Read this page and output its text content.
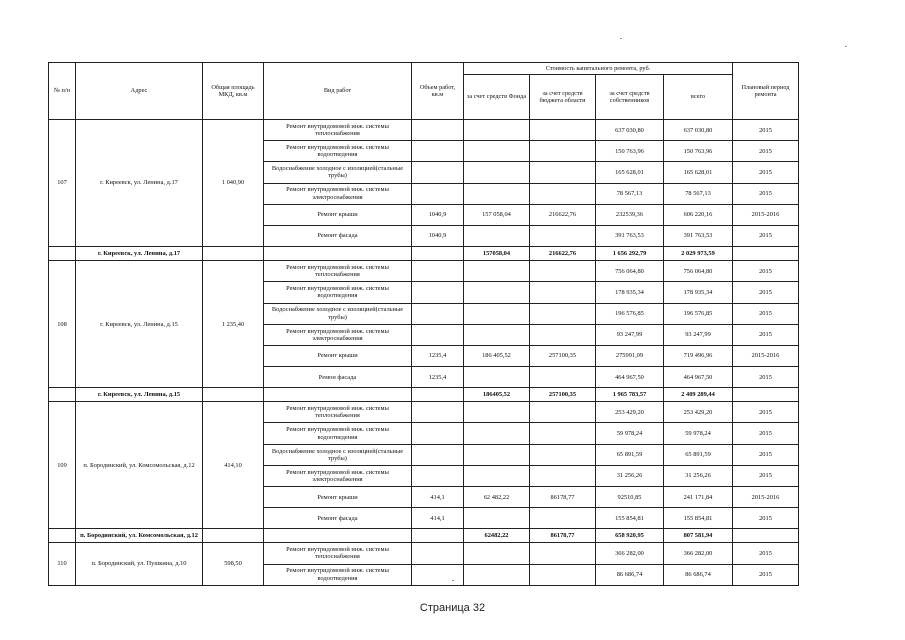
№ п/п	Адрес	Общая площадь МКД, кв.м	Вид работ	Объем работ, кв.м	Стоимость капитального ремонта, руб.				Плановый период ремонта
					за счет средств Фонда	за счет средств бюджета области	за счет средств собственников	всего	
107	г. Киреевск, ул. Ленина, д.17	1 040,90	Ремонт внутридомовой инж. системы теплоснабжения				637 030,80	637 030,80	2015
			Ремонт внутридомовой инж. системы водоотведения				150 763,96	150 763,96	2015
			Водоснабжение холодное с изоляцией(стальные трубы)				165 628,01	165 628,01	2015
			Ремонт внутридомовой инж. системы электроснабжения				78 567,13	78 567,13	2015
			Ремонт крыши	1040,9	157 058,04	216622,76	232539,36	606 220,16	2015-2016
			Ремонт фасада	1040,9			391 763,53	391 763,53	2015
	г. Киреевск, ул. Ленина, д.17				157058,04	216622,76	1 656 292,79	2 029 973,59	
108	г. Киреевск, ул. Ленина, д.15	1 235,40	Ремонт внутридомовой инж. системы теплоснабжения				756 064,80	756 064,80	2015
			Ремонт внутридомовой инж. системы водоотведения				178 935,34	178 935,34	2015
			Водоснабжение холодное с изоляцией(стальные трубы)				196 576,85	196 576,85	2015
			Ремонт внутридомовой инж. системы электроснабжения				93 247,99	93 247,99	2015
			Ремонт крыши	1235,4	186 405,52	257100,35	275991,09	719 496,96	2015-2016
			Ремон фасада	1235,4			464 967,50	464 967,50	2015
	г. Киреевск, ул. Ленина, д.15				186405,52	257100,35	1 965 783,57	2 409 289,44	
109	п. Бородинский, ул. Комсомольская, д.12	414,10	Ремонт внутридомовой инж. системы теплоснабжения				253 429,20	253 429,20	2015
			Ремонт внутридомовой инж. системы водоотведения				59 978,24	59 978,24	2015
			Водоснабжение холодное с изоляцией(стальные трубы)				65 891,59	65 891,59	2015
			Ремонт внутридомовой инж. системы электроснабжения				31 256,26	31 256,26	2015
			Ремонт крыши	414,1	62 482,22	86178,77	92510,85	241 171,84	2015-2016
			Ремонт фасада	414,1			155 854,81	155 854,81	2015
	п. Бородинский, ул. Комсомольская, д.12				62482,22	86178,77	658 920,95	807 581,94	
110	п. Бородинский, ул. Пушкина, д.10	598,50	Ремонт внутридомовой инж. системы теплоснабжения				366 282,00	366 282,00	2015
			Ремонт внутридомовой инж. системы водоотведения				86 686,74	86 686,74	2015
Страница 32
